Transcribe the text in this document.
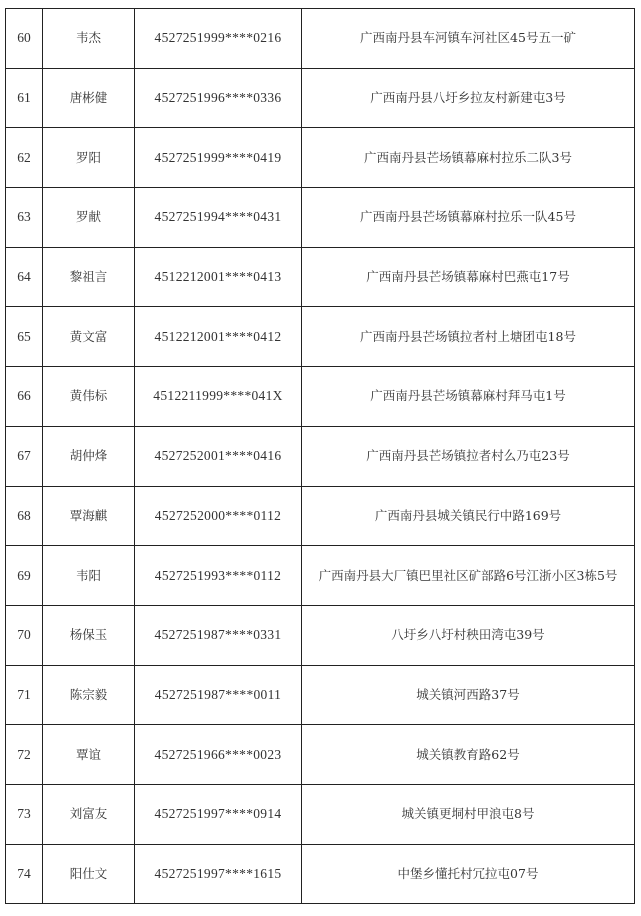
60	韦杰	4527251999****0216	广西南丹县车河镇车河社区45号五一矿
61	唐彬健	4527251996****0336	广西南丹县八圩乡拉友村新建屯3号
62	罗阳	4527251999****0419	广西南丹县芒场镇幕麻村拉乐二队3号
63	罗献	4527251994****0431	广西南丹县芒场镇幕麻村拉乐一队45号
64	黎祖言	4512212001****0413	广西南丹县芒场镇幕麻村巴燕屯17号
65	黄文富	4512212001****0412	广西南丹县芒场镇拉者村上塘团屯18号
66	黄伟标	4512211999****041X	广西南丹县芒场镇幕麻村拜马屯1号
67	胡仲烽	4527252001****0416	广西南丹县芒场镇拉者村么乃屯23号
68	覃海麒	4527252000****0112	广西南丹县城关镇民行中路169号
69	韦阳	4527251993****0112	广西南丹县大厂镇巴里社区矿部路6号江浙小区3栋5号
70	杨保玉	4527251987****0331	八圩乡八圩村秧田湾屯39号
71	陈宗毅	4527251987****0011	城关镇河西路37号
72	覃谊	4527251966****0023	城关镇教育路62号
73	刘富友	4527251997****0914	城关镇更垌村甲浪屯8号
74	阳仕文	4527251997****1615	中堡乡懂托村冗拉屯07号
